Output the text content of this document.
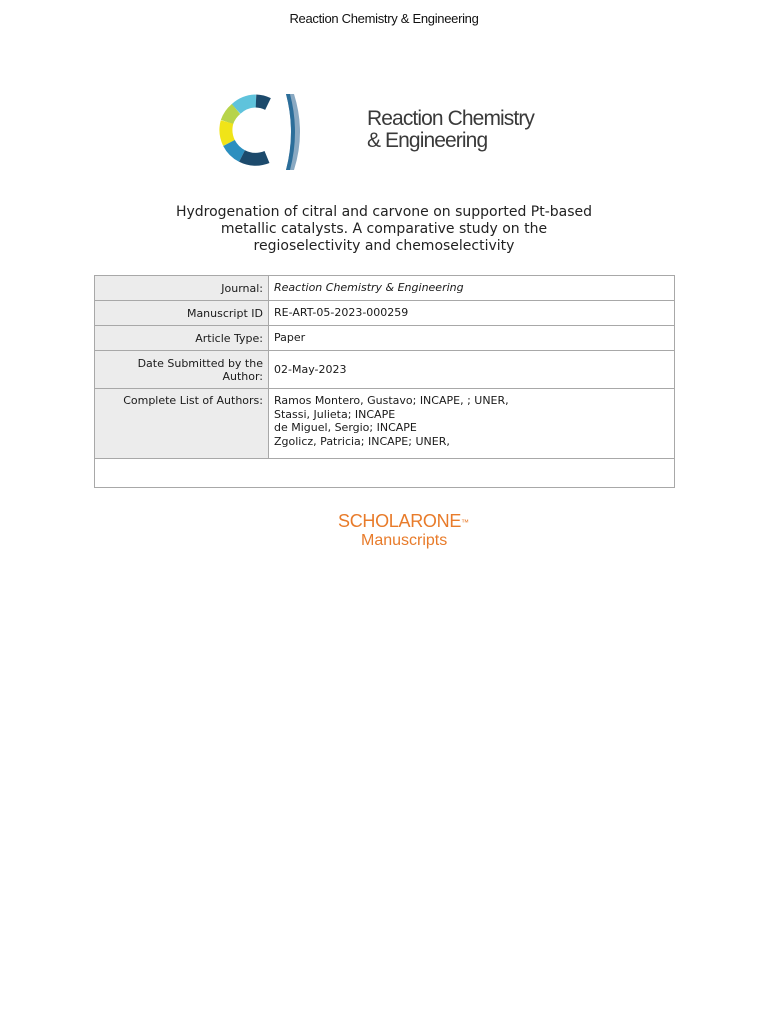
Reaction Chemistry & Engineering
Reaction Chemistry
& Engineering
Hydrogenation of citral and carvone on supported Pt-based
metallic catalysts. A comparative study on the
regioselectivity and chemoselectivity
Journal:	Reaction Chemistry & Engineering
Manuscript ID	RE-ART-05-2023-000259
Article Type:	Paper

Date Submitted by the
Author:	02-May-2023
Complete List of Authors:	Ramos Montero, Gustavo; INCAPE, ; UNER,
Stassi, Julieta; INCAPE
de Miguel, Sergio; INCAPE
Zgolicz, Patricia; INCAPE; UNER,

SCHOLARONE™
Manuscripts
